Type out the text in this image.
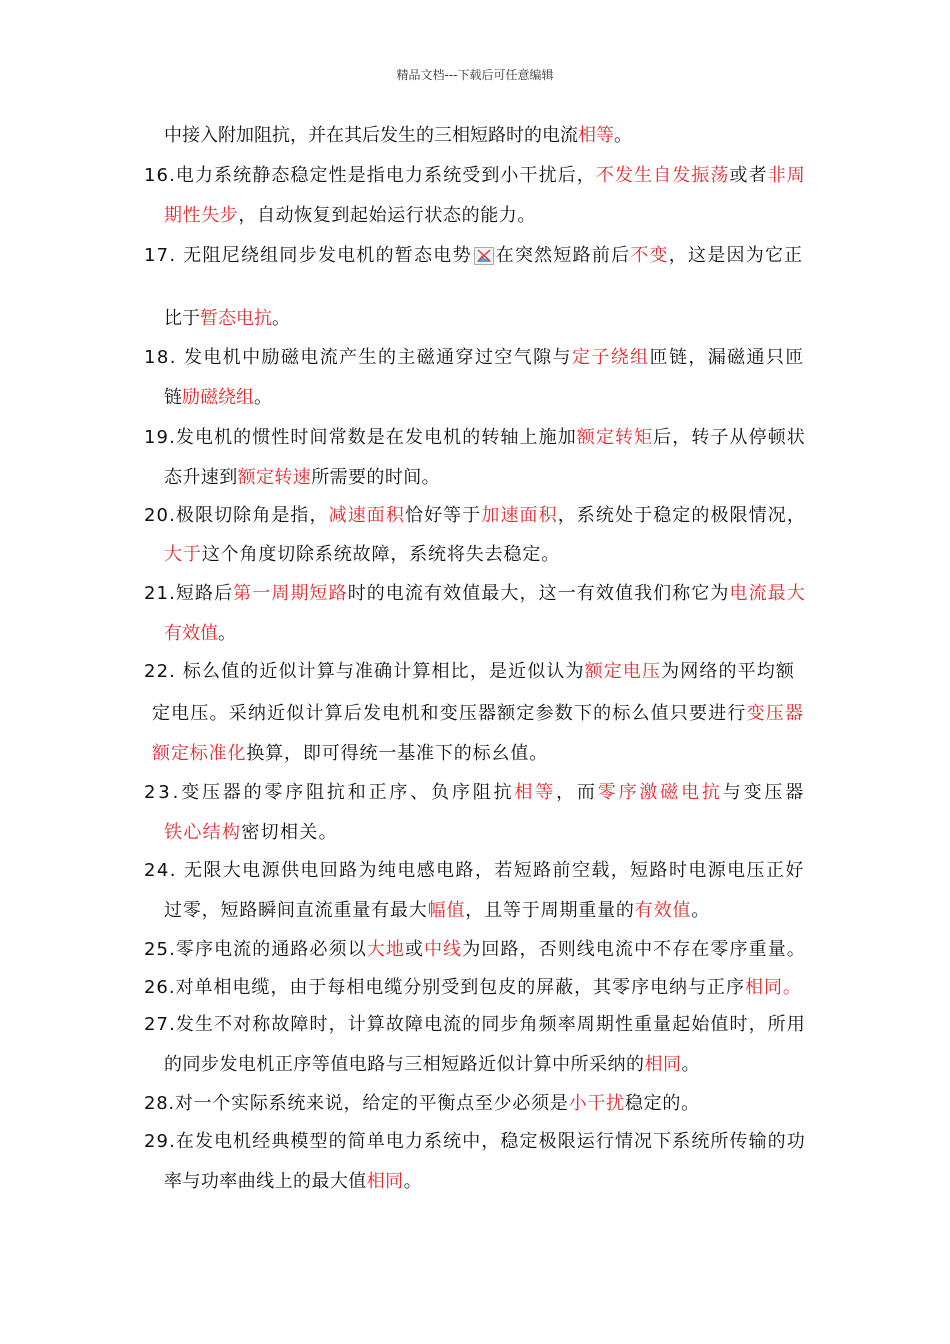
精品文档---下载后可任意编辑
中接入附加阻抗，并在其后发生的三相短路时的电流相等。
16.电力系统静态稳定性是指电力系统受到小干扰后，不发生自发振荡或者非周
期性失步，自动恢复到起始运行状态的能力。
17. 无阻尼绕组同步发电机的暂态电势 在突然短路前后不变，这是因为它正
比于暂态电抗。
18. 发电机中励磁电流产生的主磁通穿过空气隙与定子绕组匝链，漏磁通只匝
链励磁绕组。
19.发电机的惯性时间常数是在发电机的转轴上施加额定转矩后，转子从停顿状
态升速到额定转速所需要的时间。
20.极限切除角是指，减速面积恰好等于加速面积，系统处于稳定的极限情况，
大于这个角度切除系统故障，系统将失去稳定。
21.短路后第一周期短路时的电流有效值最大，这一有效值我们称它为电流最大
有效值。
22. 标么值的近似计算与准确计算相比，是近似认为额定电压为网络的平均额
定电压。采纳近似计算后发电机和变压器额定参数下的标么值只要进行变压器
额定标准化换算，即可得统一基准下的标幺值。
23.变压器的零序阻抗和正序、负序阻抗相等，而零序激磁电抗与变压器
铁心结构密切相关。
24. 无限大电源供电回路为纯电感电路，若短路前空载，短路时电源电压正好
过零，短路瞬间直流重量有最大幅值，且等于周期重量的有效值。
25.零序电流的通路必须以大地或中线为回路，否则线电流中不存在零序重量。
26.对单相电缆，由于每相电缆分别受到包皮的屏蔽，其零序电纳与正序相同。
27.发生不对称故障时，计算故障电流的同步角频率周期性重量起始值时，所用
的同步发电机正序等值电路与三相短路近似计算中所采纳的相同。
28.对一个实际系统来说，给定的平衡点至少必须是小干扰稳定的。
29.在发电机经典模型的简单电力系统中，稳定极限运行情况下系统所传输的功
率与功率曲线上的最大值相同。
